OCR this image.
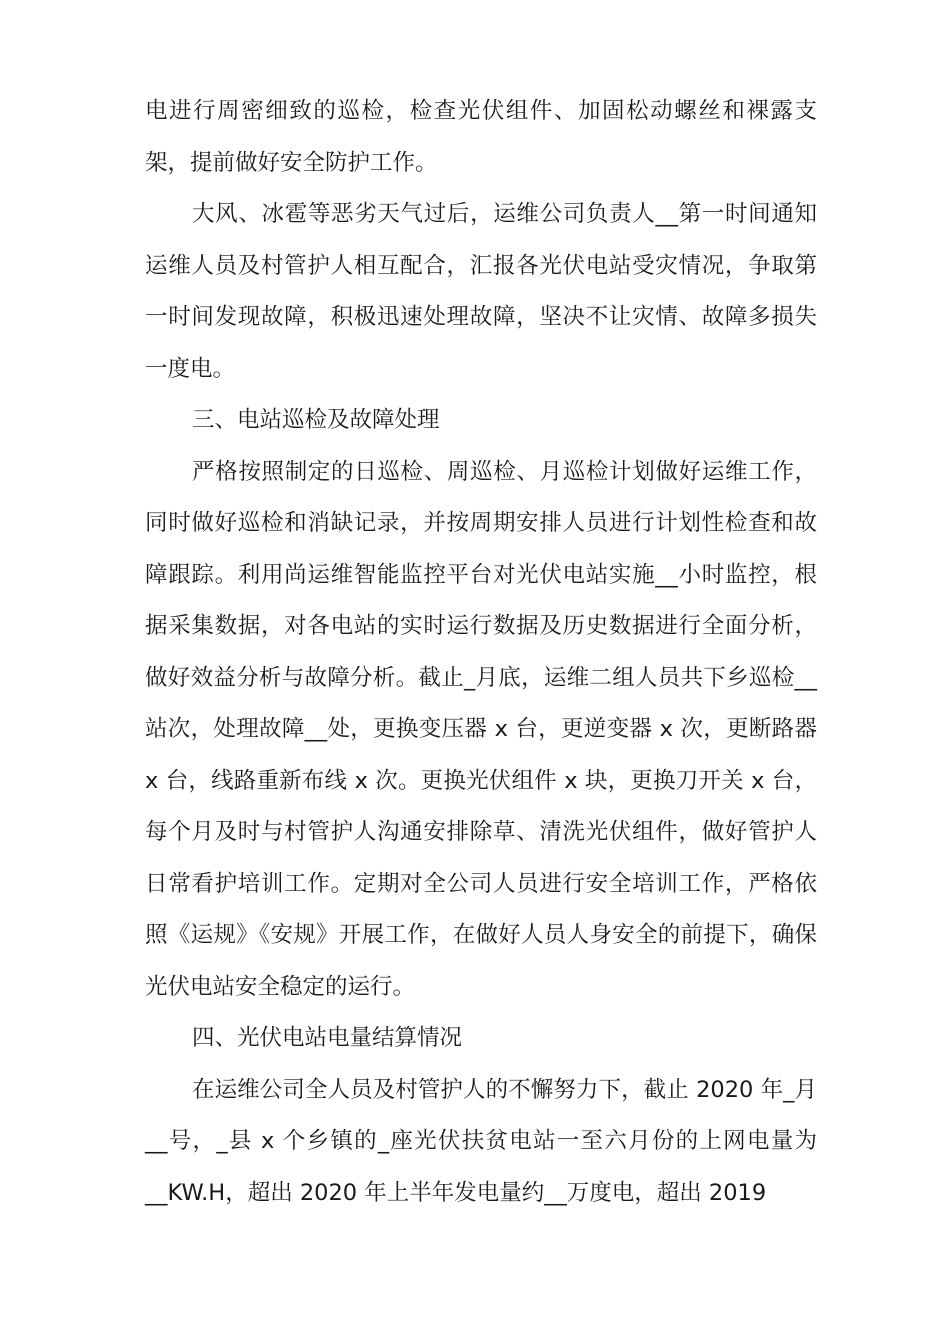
电进行周密细致的巡检，检查光伏组件、加固松动螺丝和裸露支架，提前做好安全防护工作。

大风、冰雹等恶劣天气过后，运维公司负责人__第一时间通知运维人员及村管护人相互配合，汇报各光伏电站受灾情况，争取第一时间发现故障，积极迅速处理故障，坚决不让灾情、故障多损失一度电。

三、电站巡检及故障处理

严格按照制定的日巡检、周巡检、月巡检计划做好运维工作，同时做好巡检和消缺记录，并按周期安排人员进行计划性检查和故障跟踪。利用尚运维智能监控平台对光伏电站实施__小时监控，根据采集数据，对各电站的实时运行数据及历史数据进行全面分析，做好效益分析与故障分析。截止_月底，运维二组人员共下乡巡检__站次，处理故障__处，更换变压器 x 台，更逆变器 x 次，更断路器 x 台，线路重新布线 x 次。更换光伏组件 x 块，更换刀开关 x 台，每个月及时与村管护人沟通安排除草、清洗光伏组件，做好管护人日常看护培训工作。定期对全公司人员进行安全培训工作，严格依照《运规》《安规》开展工作，在做好人员人身安全的前提下，确保光伏电站安全稳定的运行。

四、光伏电站电量结算情况

在运维公司全人员及村管护人的不懈努力下，截止 2020 年_月__号，_县 x 个乡镇的_座光伏扶贫电站一至六月份的上网电量为__KW.H，超出 2020 年上半年发电量约__万度电，超出 2019
